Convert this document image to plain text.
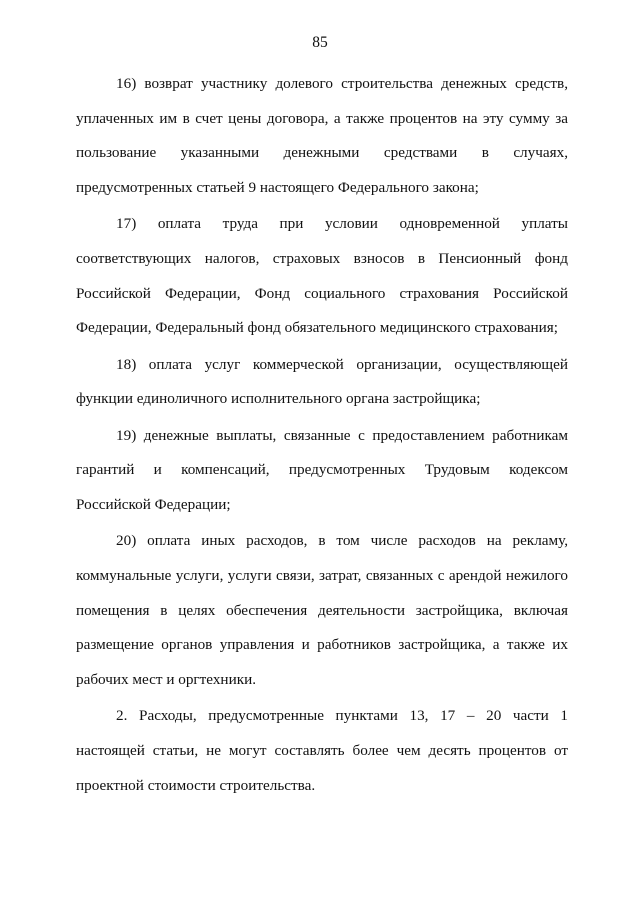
85

16) возврат участнику долевого строительства денежных средств, уплаченных им в счет цены договора, а также процентов на эту сумму за пользование указанными денежными средствами в случаях, предусмотренных статьей 9 настоящего Федерального закона;

17) оплата труда при условии одновременной уплаты соответствующих налогов, страховых взносов в Пенсионный фонд Российской Федерации, Фонд социального страхования Российской Федерации, Федеральный фонд обязательного медицинского страхования;

18) оплата услуг коммерческой организации, осуществляющей функции единоличного исполнительного органа застройщика;

19) денежные выплаты, связанные с предоставлением работникам гарантий и компенсаций, предусмотренных Трудовым кодексом Российской Федерации;

20) оплата иных расходов, в том числе расходов на рекламу, коммунальные услуги, услуги связи, затрат, связанных с арендой нежилого помещения в целях обеспечения деятельности застройщика, включая размещение органов управления и работников застройщика, а также их рабочих мест и оргтехники.

2. Расходы, предусмотренные пунктами 13, 17 – 20 части 1 настоящей статьи, не могут составлять более чем десять процентов от проектной стоимости строительства.
